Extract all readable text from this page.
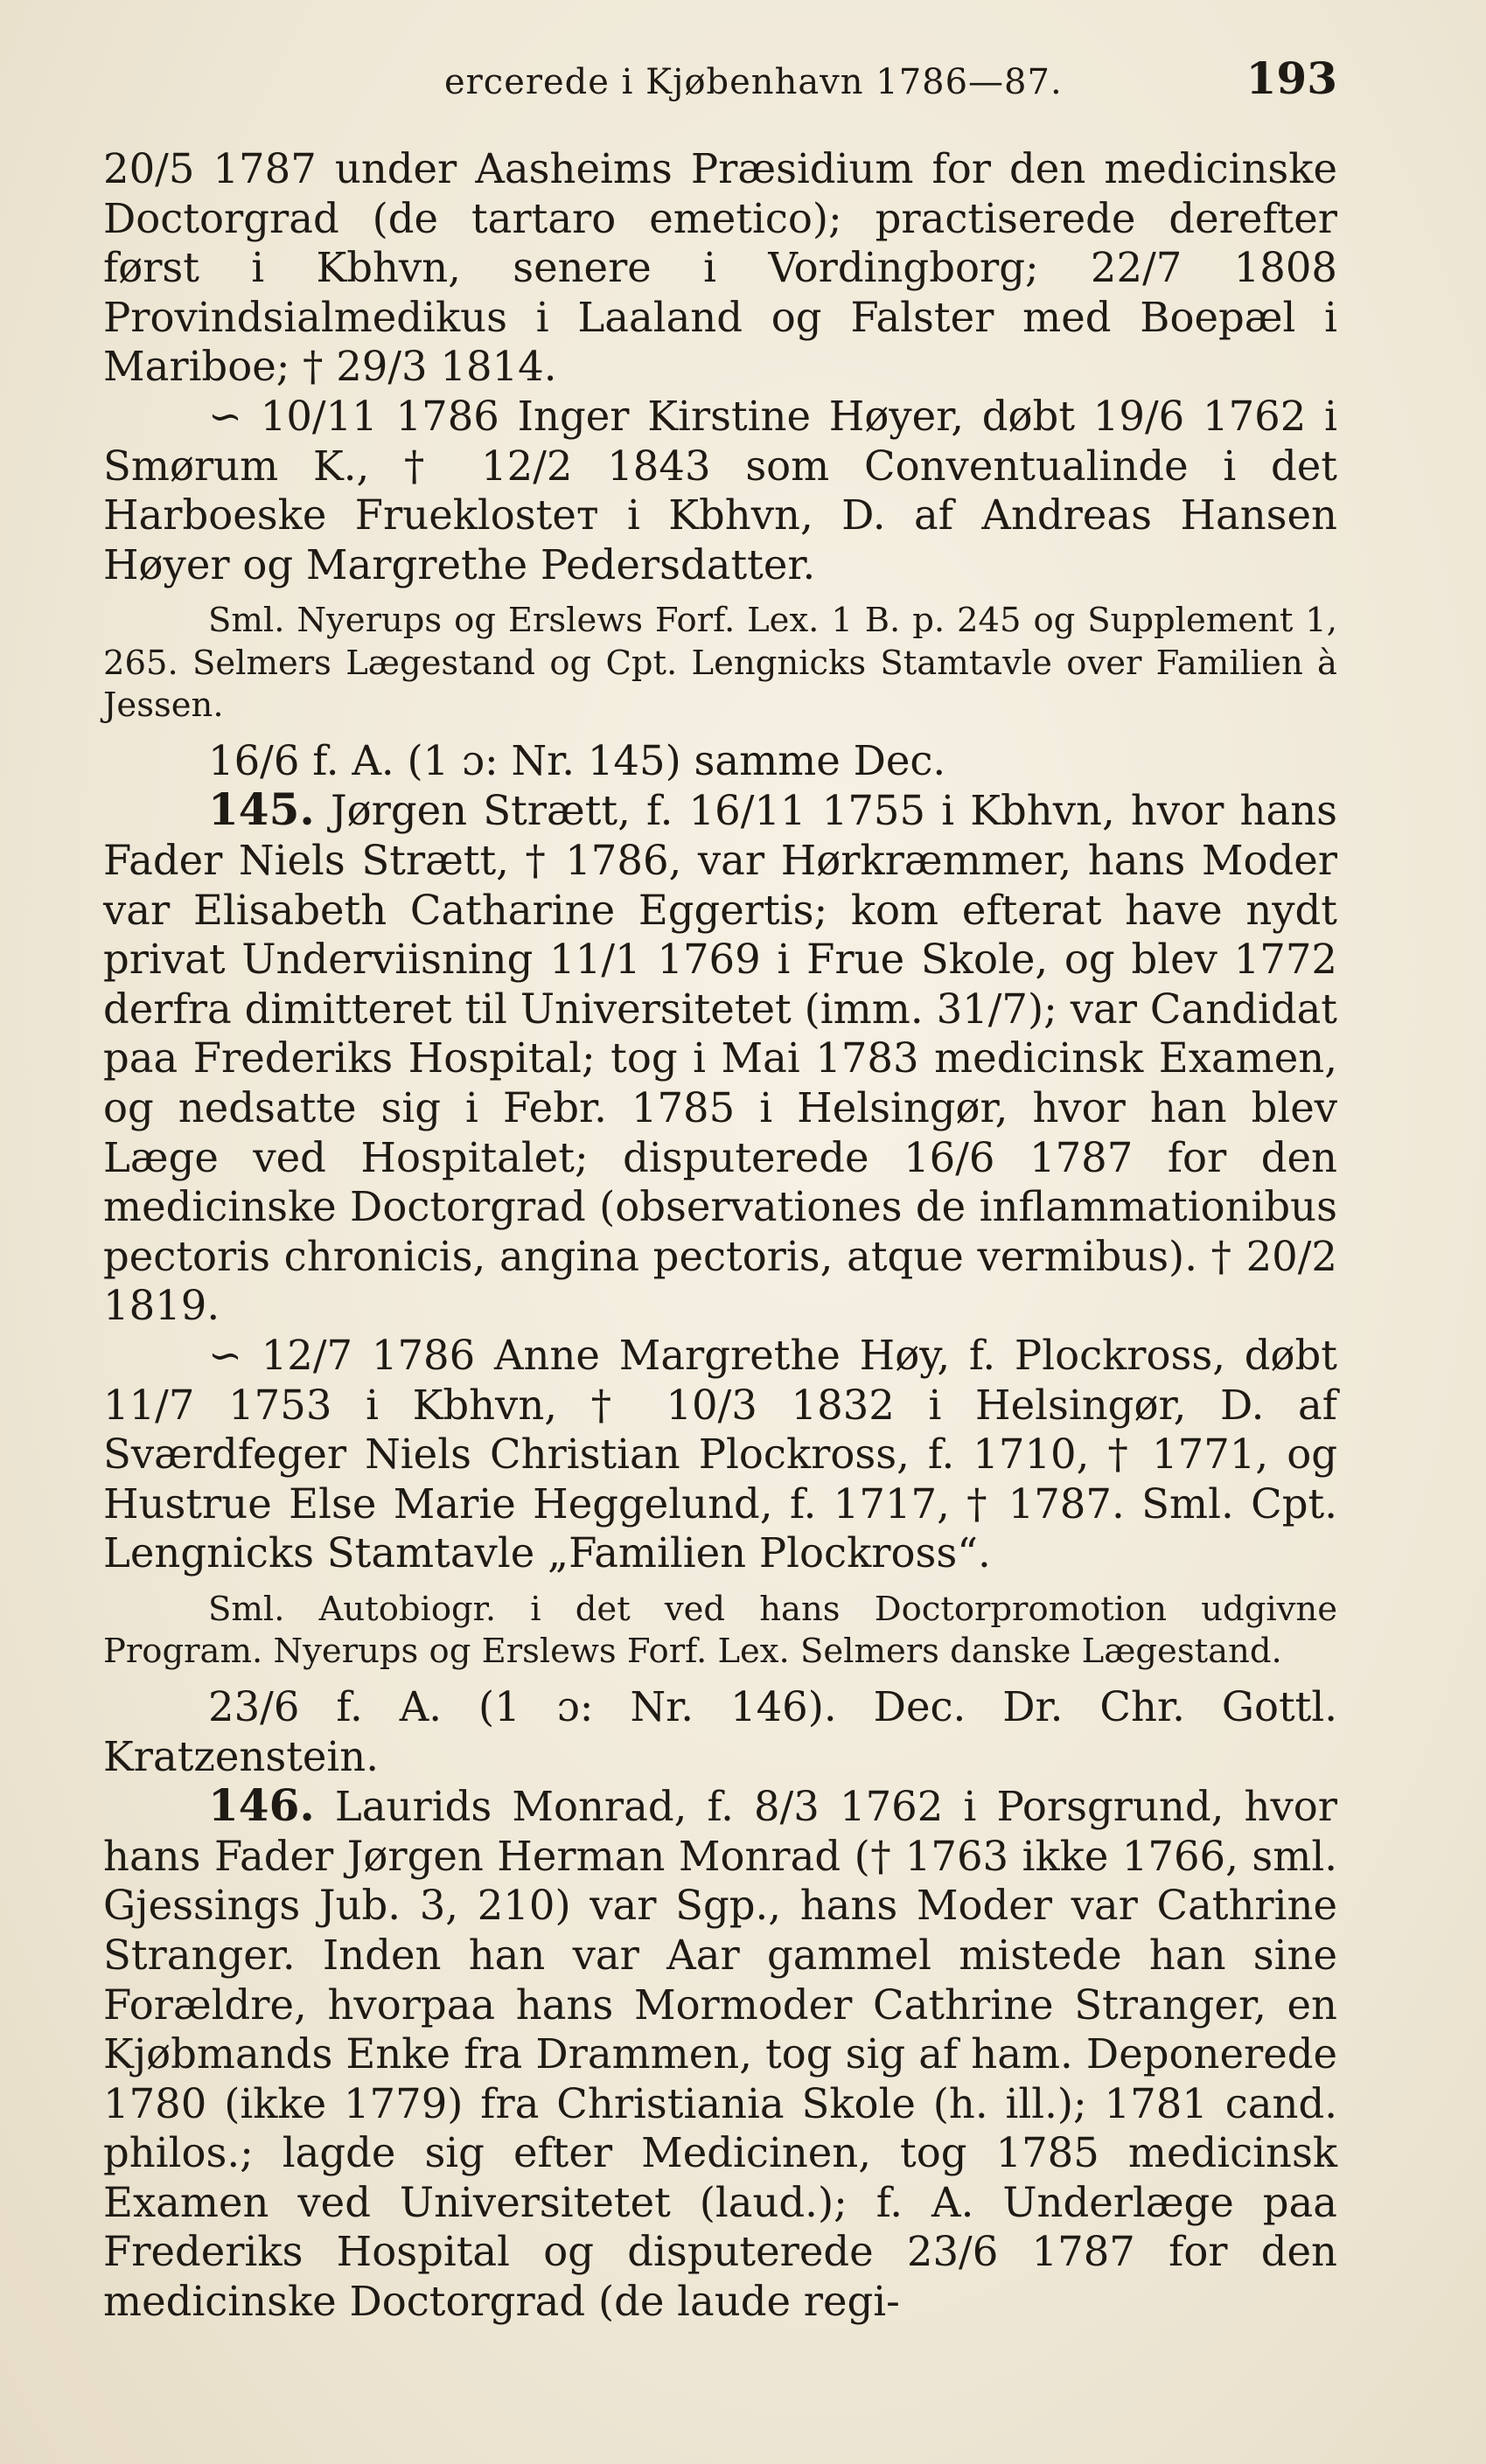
ercerede i Kjøbenhavn 1786—87.	193

20/5 1787 under Aasheims Præsidium for den medicinske Doctorgrad (de tartaro emetico); practiserede derefter først i Kbhvn, senere i Vordingborg; 22/7 1808 Provindsialmedikus i Laaland og Falster med Boepæl i Mariboe; † 29/3 1814.

∽ 10/11 1786 Inger Kirstine Høyer, døbt 19/6 1762 i Smørum K., † 12/2 1843 som Conventualinde i det Harboeske Frueklostет i Kbhvn, D. af Andreas Hansen Høyer og Margrethe Pedersdatter.

Sml. Nyerups og Erslews Forf. Lex. 1 B. p. 245 og Supplement 1, 265. Selmers Lægestand og Cpt. Lengnicks Stamtavle over Familien à Jessen.

16/6 f. A. (1 ɔ: Nr. 145) samme Dec.

145. Jørgen Strætt, f. 16/11 1755 i Kbhvn, hvor hans Fader Niels Strætt, † 1786, var Hørkræmmer, hans Moder var Elisabeth Catharine Eggertis; kom efterat have nydt privat Underviisning 11/1 1769 i Frue Skole, og blev 1772 derfra dimitteret til Universitetet (imm. 31/7); var Candidat paa Frederiks Hospital; tog i Mai 1783 medicinsk Examen, og nedsatte sig i Febr. 1785 i Helsingør, hvor han blev Læge ved Hospitalet; disputerede 16/6 1787 for den medicinske Doctorgrad (observationes de inflammationibus pectoris chronicis, angina pectoris, atque vermibus). † 20/2 1819.

∽ 12/7 1786 Anne Margrethe Høy, f. Plockross, døbt 11/7 1753 i Kbhvn, † 10/3 1832 i Helsingør, D. af Sværdfeger Niels Christian Plockross, f. 1710, † 1771, og Hustrue Else Marie Heggelund, f. 1717, † 1787. Sml. Cpt. Lengnicks Stamtavle „Familien Plockross“.

Sml. Autobiogr. i det ved hans Doctorpromotion udgivne Program. Nyerups og Erslews Forf. Lex. Selmers danske Lægestand.

23/6 f. A. (1 ɔ: Nr. 146). Dec. Dr. Chr. Gottl. Kratzenstein.

146. Laurids Monrad, f. 8/3 1762 i Porsgrund, hvor hans Fader Jørgen Herman Monrad († 1763 ikke 1766, sml. Gjessings Jub. 3, 210) var Sgp., hans Moder var Cathrine Stranger. Inden han var Aar gammel mistede han sine Forældre, hvorpaa hans Mormoder Cathrine Stranger, en Kjøbmands Enke fra Drammen, tog sig af ham. Deponerede 1780 (ikke 1779) fra Christiania Skole (h. ill.); 1781 cand. philos.; lagde sig efter Medicinen, tog 1785 medicinsk Examen ved Universitetet (laud.); f. A. Underlæge paa Frederiks Hospital og disputerede 23/6 1787 for den medicinske Doctorgrad (de laude regi-
